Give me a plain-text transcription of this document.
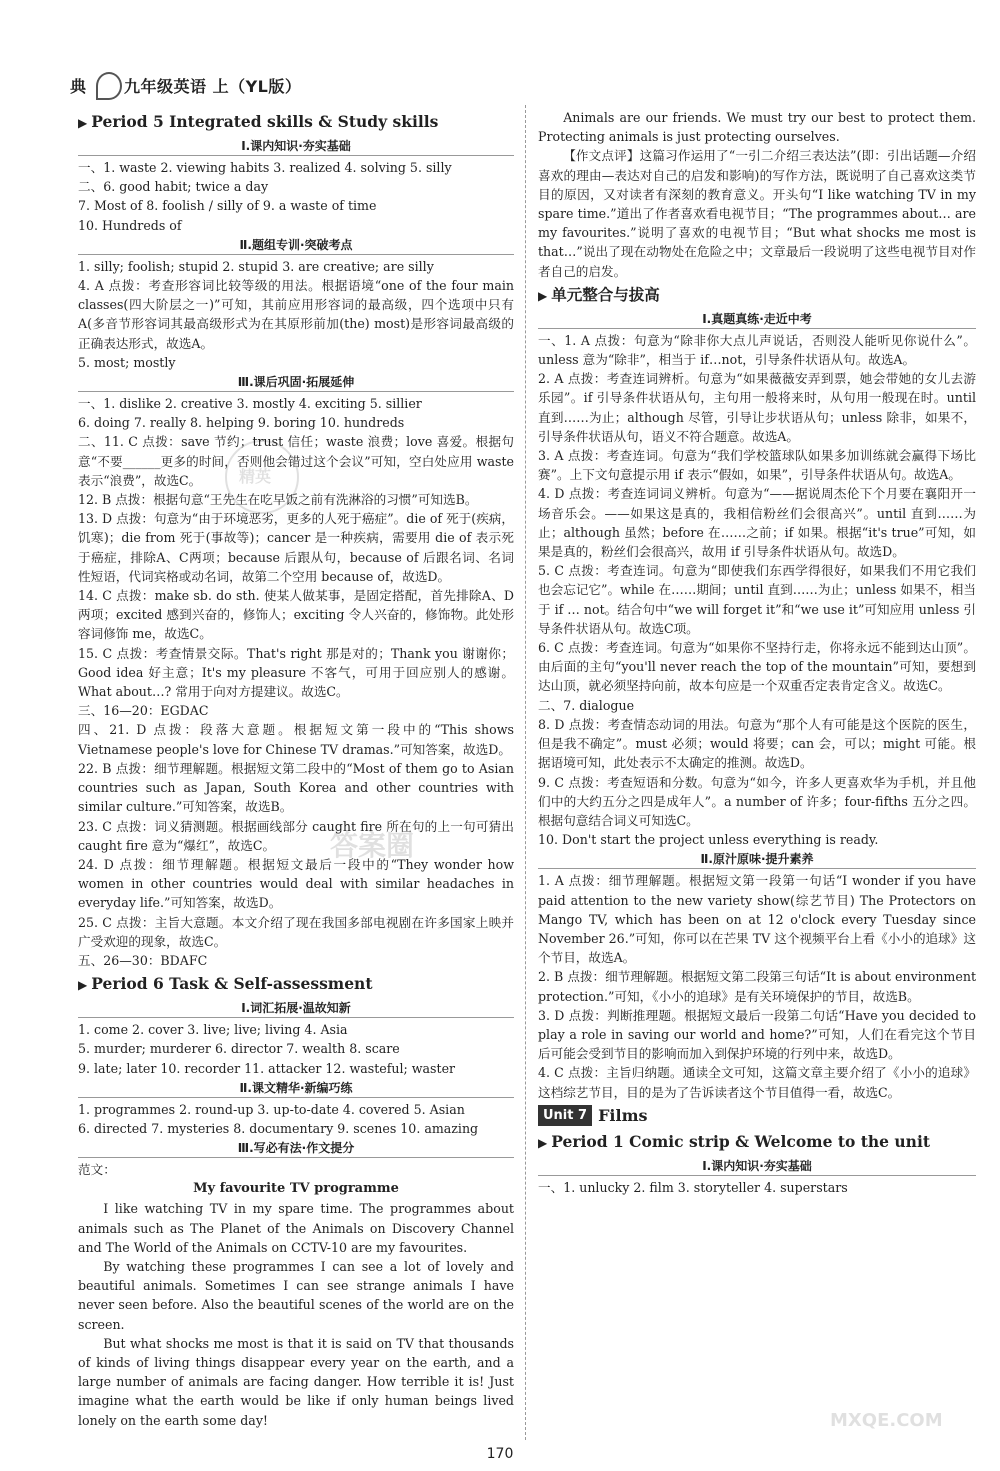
典 九年级英语 上（YL版）
▶ Period 5 Integrated skills & Study skills
Ⅰ.课内知识·夯实基础

一、1. waste 2. viewing habits 3. realized 4. solving 5. silly

二、6. good habit; twice a day

7. Most of 8. foolish / silly of 9. a waste of time

10. Hundreds of

Ⅱ.题组专训·突破考点

1. silly; foolish; stupid 2. stupid 3. are creative; are silly

4. A 点拨：考查形容词比较等级的用法。根据语境“one of the four main classes(四大阶层之一)”可知，其前应用形容词的最高级，四个选项中只有A(多音节形容词其最高级形式为在其原形前加(the) most)是形容词最高级的正确表达形式，故选A。

5. most; mostly

Ⅲ.课后巩固·拓展延伸

一、1. dislike 2. creative 3. mostly 4. exciting 5. sillier

6. doing 7. really 8. helping 9. boring 10. hundreds

二、11. C 点拨：save 节约；trust 信任；waste 浪费；love 喜爱。根据句意“不要______更多的时间，否则他会错过这个会议”可知，空白处应用 waste 表示“浪费”，故选C。

12. B 点拨：根据句意“王先生在吃早饭之前有洗淋浴的习惯”可知选B。

13. D 点拨：句意为“由于环境恶劣，更多的人死于癌症”。die of 死于(疾病，饥寒)；die from 死于(事故等)；cancer 是一种疾病，需要用 die of 表示死于癌症，排除A、C两项；because 后跟从句，because of 后跟名词、名词性短语，代词宾格或动名词，故第二个空用 because of，故选D。

14. C 点拨：make sb. do sth. 使某人做某事，是固定搭配，首先排除A、D两项；excited 感到兴奋的，修饰人；exciting 令人兴奋的，修饰物。此处形容词修饰 me，故选C。

15. C 点拨：考查情景交际。That's right 那是对的；Thank you 谢谢你；Good idea 好主意；It's my pleasure 不客气，可用于回应别人的感谢。What about…? 常用于向对方提建议。故选C。

三、16—20：EGDAC

四、21. D 点拨：段落大意题。根据短文第一段中的“This shows Vietnamese people's love for Chinese TV dramas.”可知答案，故选D。

22. B 点拨：细节理解题。根据短文第二段中的“Most of them go to Asian countries such as Japan, South Korea and other countries with similar culture.”可知答案，故选B。

23. C 点拨：词义猜测题。根据画线部分 caught fire 所在句的上一句可猜出 caught fire 意为“爆红”，故选C。

24. D 点拨：细节理解题。根据短文最后一段中的“They wonder how women in other countries would deal with similar headaches in everyday life.”可知答案，故选D。

25. C 点拨：主旨大意题。本文介绍了现在我国多部电视剧在许多国家上映并广受欢迎的现象，故选C。

五、26—30：BDAFC

▶ Period 6 Task & Self-assessment
Ⅰ.词汇拓展·温故知新

1. come 2. cover 3. live; live; living 4. Asia

5. murder; murderer 6. director 7. wealth 8. scare

9. late; later 10. recorder 11. attacker 12. wasteful; waster

Ⅱ.课文精华·新编巧练

1. programmes 2. round-up 3. up-to-date 4. covered 5. Asian

6. directed 7. mysteries 8. documentary 9. scenes 10. amazing

Ⅲ.写必有法·作文提分

范文：

My favourite TV programme

I like watching TV in my spare time. The programmes about animals such as The Planet of the Animals on Discovery Channel and The World of the Animals on CCTV-10 are my favourites.

By watching these programmes I can see a lot of lovely and beautiful animals. Sometimes I can see strange animals I have never seen before. Also the beautiful scenes of the world are on the screen.

But what shocks me most is that it is said on TV that thousands of kinds of living things disappear every year on the earth, and a large number of animals are facing danger. How terrible it is! Just imagine what the earth would be like if only human beings lived lonely on the earth some day!

Animals are our friends. We must try our best to protect them. Protecting animals is just protecting ourselves.

【作文点评】这篇习作运用了“一引二介绍三表达法”(即：引出话题—介绍喜欢的理由—表达对自己的启发和影响)的写作方法，既说明了自己喜欢这类节目的原因，又对读者有深刻的教育意义。开头句“I like watching TV in my spare time.”道出了作者喜欢看电视节目；“The programmes about… are my favourites.”说明了喜欢的电视节目；“But what shocks me most is that…”说出了现在动物处在危险之中；文章最后一段说明了这些电视节目对作者自己的启发。

▶ 单元整合与拔高
Ⅰ.真题真练·走近中考

一、1. A 点拨：句意为“除非你大点儿声说话，否则没人能听见你说什么”。unless 意为“除非”，相当于 if…not，引导条件状语从句。故选A。

2. A 点拨：考查连词辨析。句意为“如果薇薇安弄到票，她会带她的女儿去游乐园”。if 引导条件状语从句，主句用一般将来时，从句用一般现在时。until 直到……为止；although 尽管，引导让步状语从句；unless 除非，如果不，引导条件状语从句，语义不符合题意。故选A。

3. A 点拨：考查连词。句意为“我们学校篮球队如果多加训练就会赢得下场比赛”。上下文句意提示用 if 表示“假如，如果”，引导条件状语从句。故选A。

4. D 点拨：考查连词词义辨析。句意为“——据说周杰伦下个月要在襄阳开一场音乐会。——如果这是真的，我相信粉丝们会很高兴”。until 直到……为止；although 虽然；before 在……之前；if 如果。根据“it's true”可知，如果是真的，粉丝们会很高兴，故用 if 引导条件状语从句。故选D。

5. C 点拨：考查连词。句意为“即使我们东西学得很好，如果我们不用它我们也会忘记它”。while 在……期间；until 直到……为止；unless 如果不，相当于 if … not。结合句中“we will forget it”和“we use it”可知应用 unless 引导条件状语从句。故选C项。

6. C 点拨：考查连词。句意为“如果你不坚持行走，你将永远不能到达山顶”。由后面的主句“you'll never reach the top of the mountain”可知，要想到达山顶，就必须坚持向前，故本句应是一个双重否定表肯定含义。故选C。

二、7. dialogue

8. D 点拨：考查情态动词的用法。句意为“那个人有可能是这个医院的医生，但是我不确定”。must 必须；would 将要；can 会，可以；might 可能。根据语境可知，此处表示不太确定的推测。故选D。

9. C 点拨：考查短语和分数。句意为“如今，许多人更喜欢华为手机，并且他们中的大约五分之四是成年人”。a number of 许多；four-fifths 五分之四。根据句意结合词义可知选C。

10. Don't start the project unless everything is ready.

Ⅱ.原汁原味·提升素养

1. A 点拨：细节理解题。根据短文第一段第一句话“I wonder if you have paid attention to the new variety show(综艺节目) The Protectors on Mango TV, which has been on at 12 o'clock every Tuesday since November 26.”可知，你可以在芒果 TV 这个视频平台上看《小小的追球》这个节目，故选A。

2. B 点拨：细节理解题。根据短文第二段第三句话“It is about environment protection.”可知，《小小的追球》是有关环境保护的节目，故选B。

3. D 点拨：判断推理题。根据短文最后一段第二句话“Have you decided to play a role in saving our world and home?”可知，人们在看完这个节目后可能会受到节目的影响而加入到保护环境的行列中来，故选D。

4. C 点拨：主旨归纳题。通读全文可知，这篇文章主要介绍了《小小的追球》这档综艺节目，目的是为了告诉读者这个节目值得一看，故选C。

Unit 7 Films
▶ Period 1 Comic strip & Welcome to the unit
Ⅰ.课内知识·夯实基础

一、1. unlucky 2. film 3. storyteller 4. superstars

精英
答案圈
MXQE.COM
170
